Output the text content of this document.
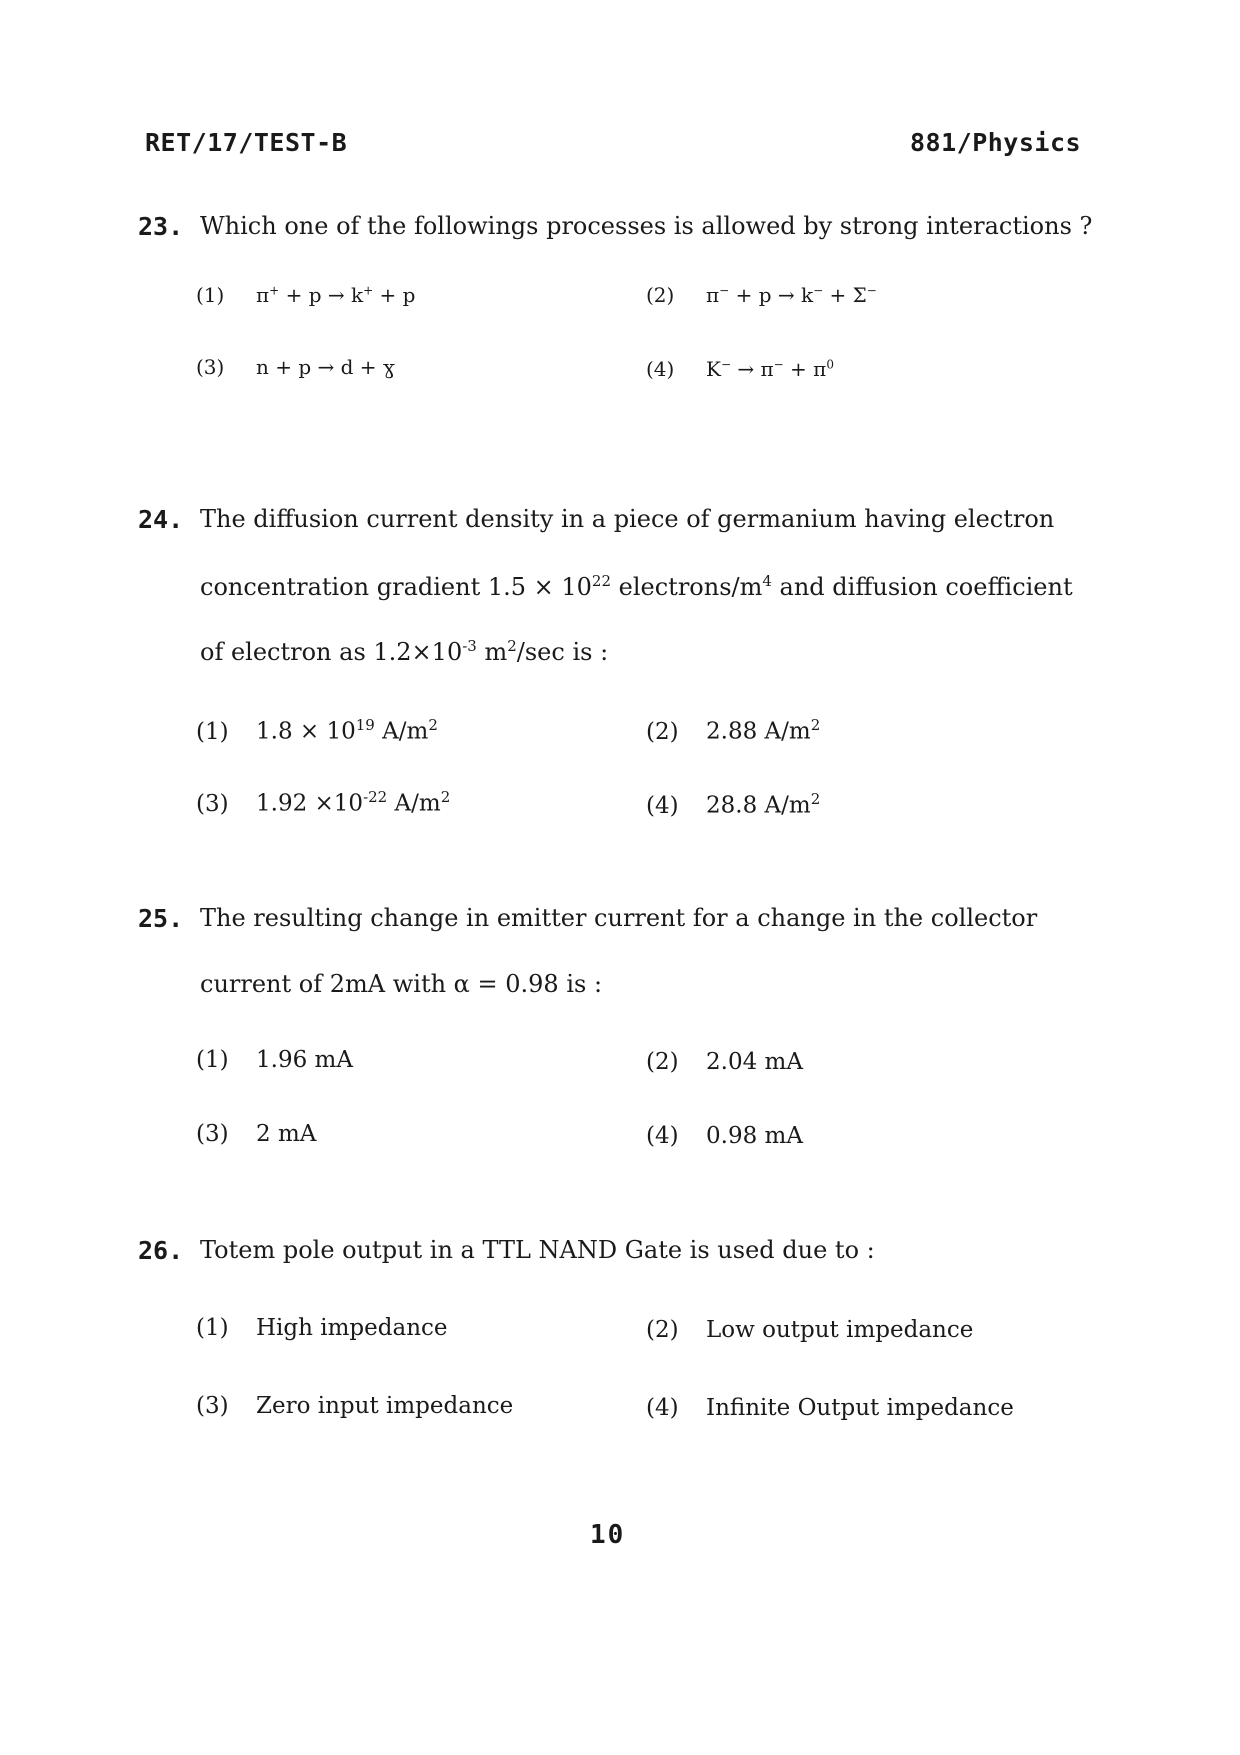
RET/17/TEST-B	881/Physics
23. Which one of the followings processes is allowed by strong interactions ?
(1) π+ + p → k+ + p	(2) π− + p → k− + Σ−
(3) n + p → d + ɣ	(4) $K^- \to \pi^- + \pi^0$
24. The diffusion current density in a piece of germanium having electron
concentration gradient $1.5 \times 10^{22}$ electrons/$m^4$ and diffusion coefficient
of electron as $1.2\times 10^{-3}$ $m^2/\sec$ is :
(1) $1.8 \times 10^{19}$ $A/m^2$	(2) 2.88 $A/m^2$
(3) $1.92 \times 10^{-22}$ $A/m^2$	(4) 28.8 $A/m^2$
25. The resulting change in emitter current for a change in the collector
current of 2mA with α = 0.98 is :
(1) 1.96 mA	(2) 2.04 mA
(3) 2 mA	(4) 0.98 mA
26. Totem pole output in a TTL NAND Gate is used due to :
(1) High impedance	(2) Low output impedance
(3) Zero input impedance	(4) Infinite Output impedance
10
